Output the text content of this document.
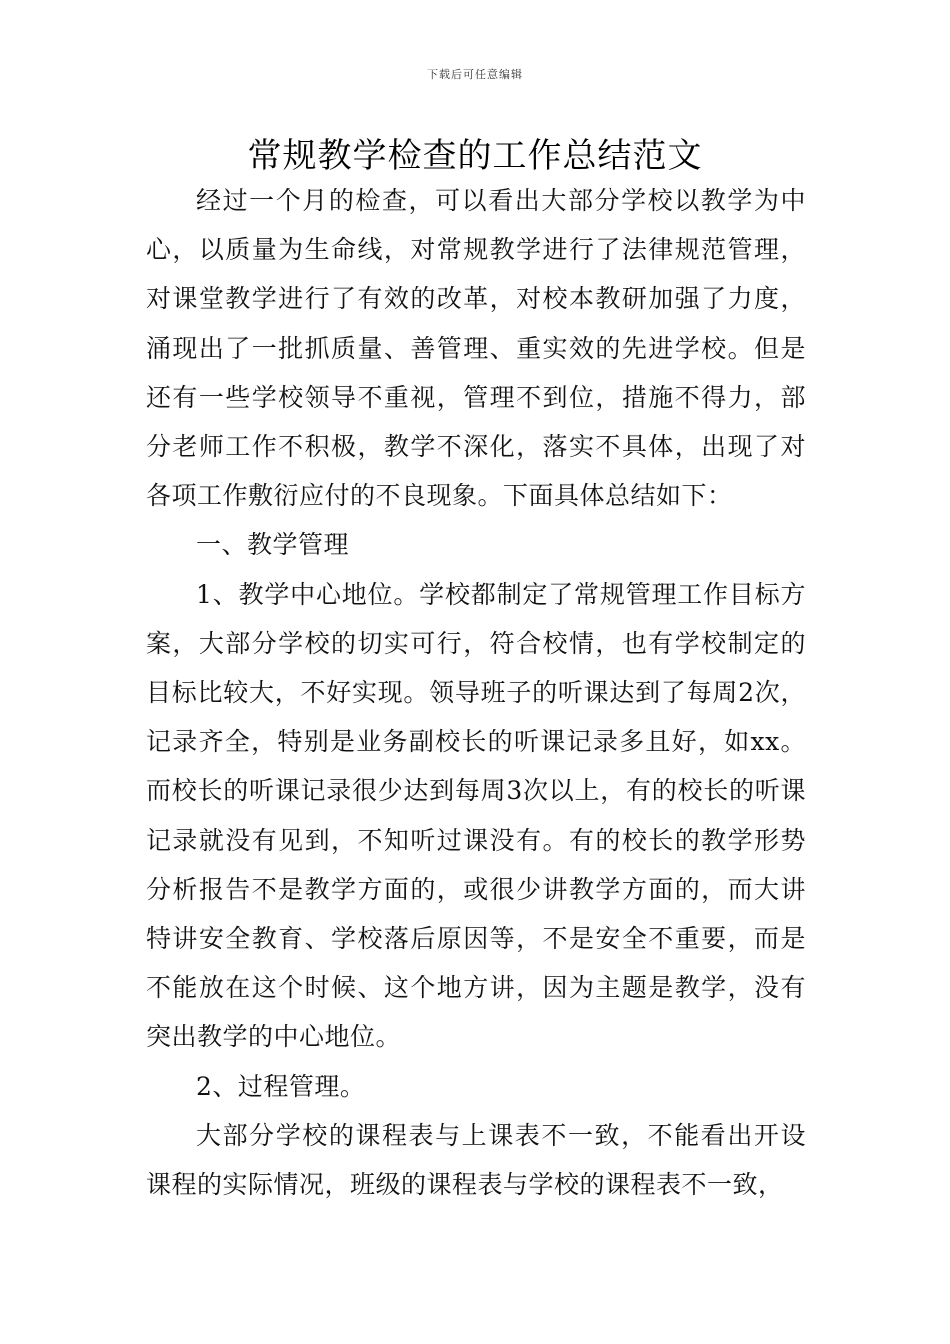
下载后可任意编辑
常规教学检查的工作总结范文

经过一个月的检查，可以看出大部分学校以教学为中心，以质量为生命线，对常规教学进行了法律规范管理，对课堂教学进行了有效的改革，对校本教研加强了力度，涌现出了一批抓质量、善管理、重实效的先进学校。但是还有一些学校领导不重视，管理不到位，措施不得力，部分老师工作不积极，教学不深化，落实不具体，出现了对各项工作敷衍应付的不良现象。下面具体总结如下：

一、教学管理

1、教学中心地位。学校都制定了常规管理工作目标方案，大部分学校的切实可行，符合校情，也有学校制定的目标比较大，不好实现。领导班子的听课达到了每周2次，记录齐全，特别是业务副校长的听课记录多且好，如xx。而校长的听课记录很少达到每周3次以上，有的校长的听课记录就没有见到，不知听过课没有。有的校长的教学形势分析报告不是教学方面的，或很少讲教学方面的，而大讲特讲安全教育、学校落后原因等，不是安全不重要，而是不能放在这个时候、这个地方讲，因为主题是教学，没有突出教学的中心地位。

2、过程管理。

大部分学校的课程表与上课表不一致，不能看出开设课程的实际情况，班级的课程表与学校的课程表不一致，
